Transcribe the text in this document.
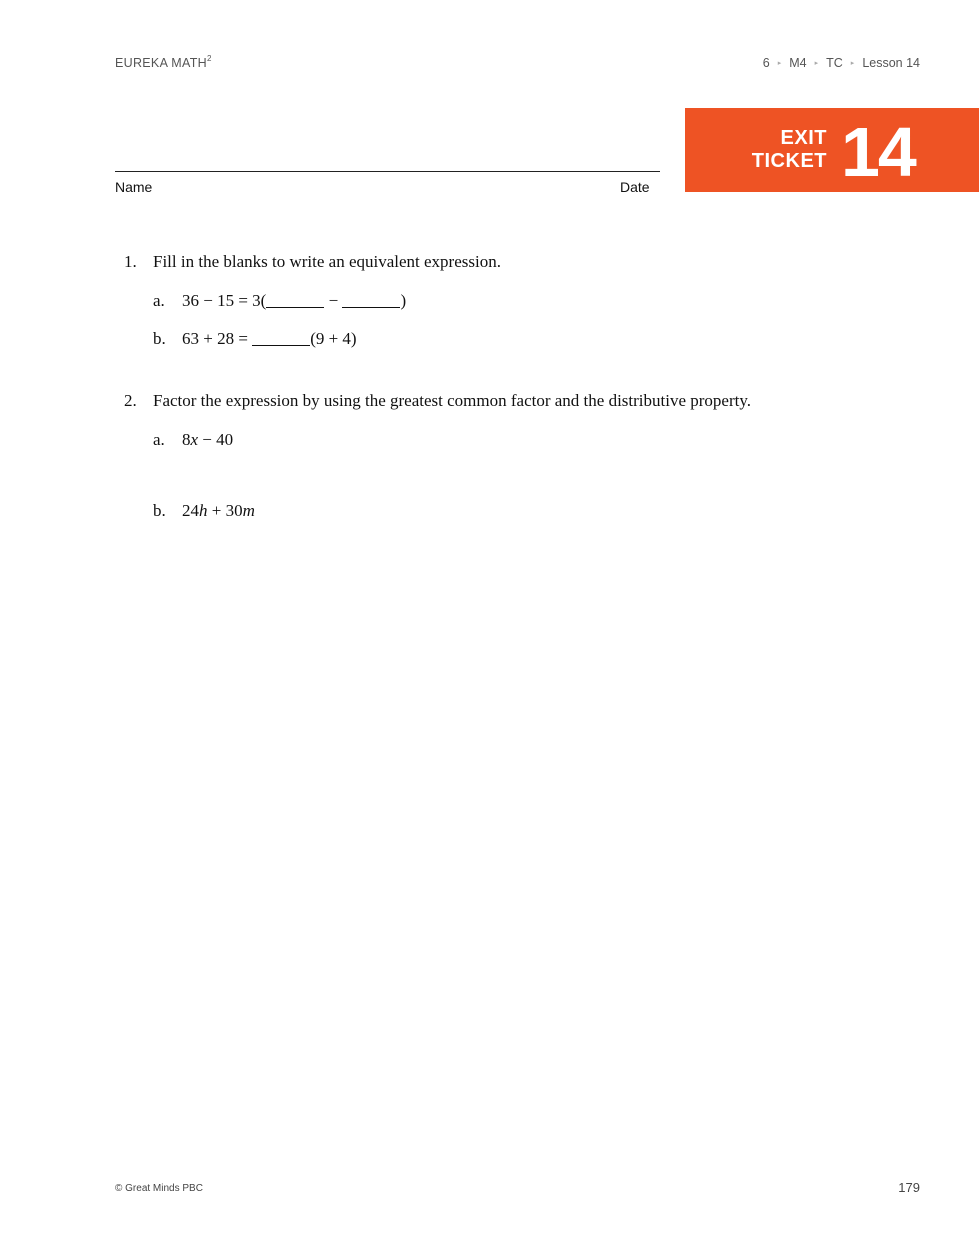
EUREKA MATH$^2$	6 ▸ M4 ▸ TC ▸ Lesson 14
Name	Date
EXIT
TICKET 14
1. Fill in the blanks to write an equivalent expression.
a. 36 − 15 = 3(	−	)
b. 63 + 28 =	(9 + 4)
2. Factor the expression by using the greatest common factor and the distributive property.
a. 8x − 40
b. 24h + 30m
© Great Minds PBC	179
